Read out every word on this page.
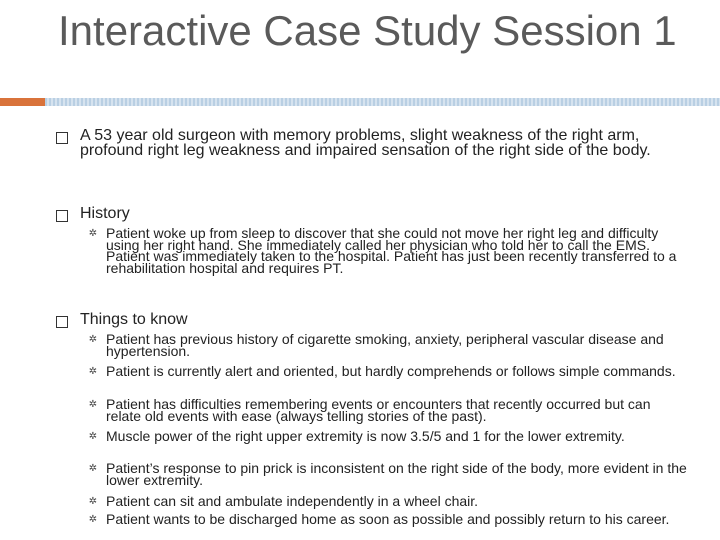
Interactive Case Study Session 1
A 53 year old surgeon with memory problems, slight weakness of the right arm, profound right leg weakness and impaired sensation of the right side of the body.
History
✲ Patient woke up from sleep to discover that she could not move her right leg and difficulty using her right hand. She immediately called her physician who told her to call the EMS. Patient was immediately taken to the hospital. Patient has just been recently transferred to a rehabilitation hospital and requires PT.
Things to know
✲ Patient has previous history of cigarette smoking, anxiety, peripheral vascular disease and hypertension.
✲ Patient is currently alert and oriented, but hardly comprehends or follows simple commands.
✲ Patient has difficulties remembering events or encounters that recently occurred but can relate old events with ease (always telling stories of the past).
✲ Muscle power of the right upper extremity is now 3.5/5 and 1 for the lower extremity.
✲ Patient’s response to pin prick is inconsistent on the right side of the body, more evident in the lower extremity.
✲ Patient can sit and ambulate independently in a wheel chair.
✲ Patient wants to be discharged home as soon as possible and possibly return to his career.
